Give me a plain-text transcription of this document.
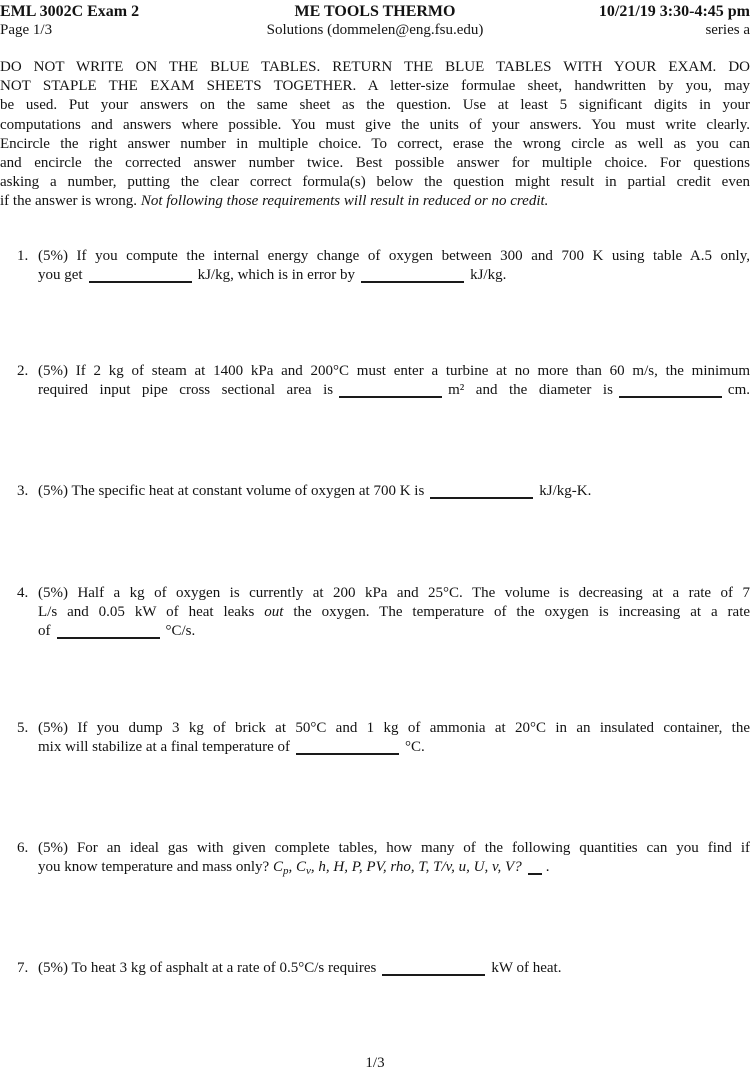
EML 3002C Exam 2	ME TOOLS THERMO	10/21/19 3:30-4:45 pm
Page 1/3	Solutions (dommelen@eng.fsu.edu)	series a
DO NOT WRITE ON THE BLUE TABLES. RETURN THE BLUE TABLES WITH YOUR EXAM. DO
NOT STAPLE THE EXAM SHEETS TOGETHER. A letter-size formulae sheet, handwritten by you, may
be used. Put your answers on the same sheet as the question. Use at least 5 significant digits in your
computations and answers where possible. You must give the units of your answers. You must write clearly.
Encircle the right answer number in multiple choice. To correct, erase the wrong circle as well as you can
and encircle the corrected answer number twice. Best possible answer for multiple choice. For questions
asking a number, putting the clear correct formula(s) below the question might result in partial credit even
if the answer is wrong. Not following those requirements will result in reduced or no credit.
1. (5%) If you compute the internal energy change of oxygen between 300 and 700 K using table A.5 only,
you get	kJ/kg, which is in error by	kJ/kg.
2. (5%) If 2 kg of steam at 1400 kPa and 200°C must enter a turbine at no more than 60 m/s, the minimum
required input pipe cross sectional area is	m² and the diameter is	cm.
3. (5%) The specific heat at constant volume of oxygen at 700 K is	kJ/kg-K.
4. (5%) Half a kg of oxygen is currently at 200 kPa and 25°C. The volume is decreasing at a rate of 7
L/s and 0.05 kW of heat leaks out the oxygen. The temperature of the oxygen is increasing at a rate
of	°C/s.
5. (5%) If you dump 3 kg of brick at 50°C and 1 kg of ammonia at 20°C in an insulated container, the
mix will stabilize at a final temperature of	°C.
6. (5%) For an ideal gas with given complete tables, how many of the following quantities can you find if
you know temperature and mass only? $C_p$, $C_v$, h, H, P, PV, rho, T, T/v, u, U, v, V? .
7. (5%) To heat 3 kg of asphalt at a rate of 0.5°C/s requires	kW of heat.
1/3
